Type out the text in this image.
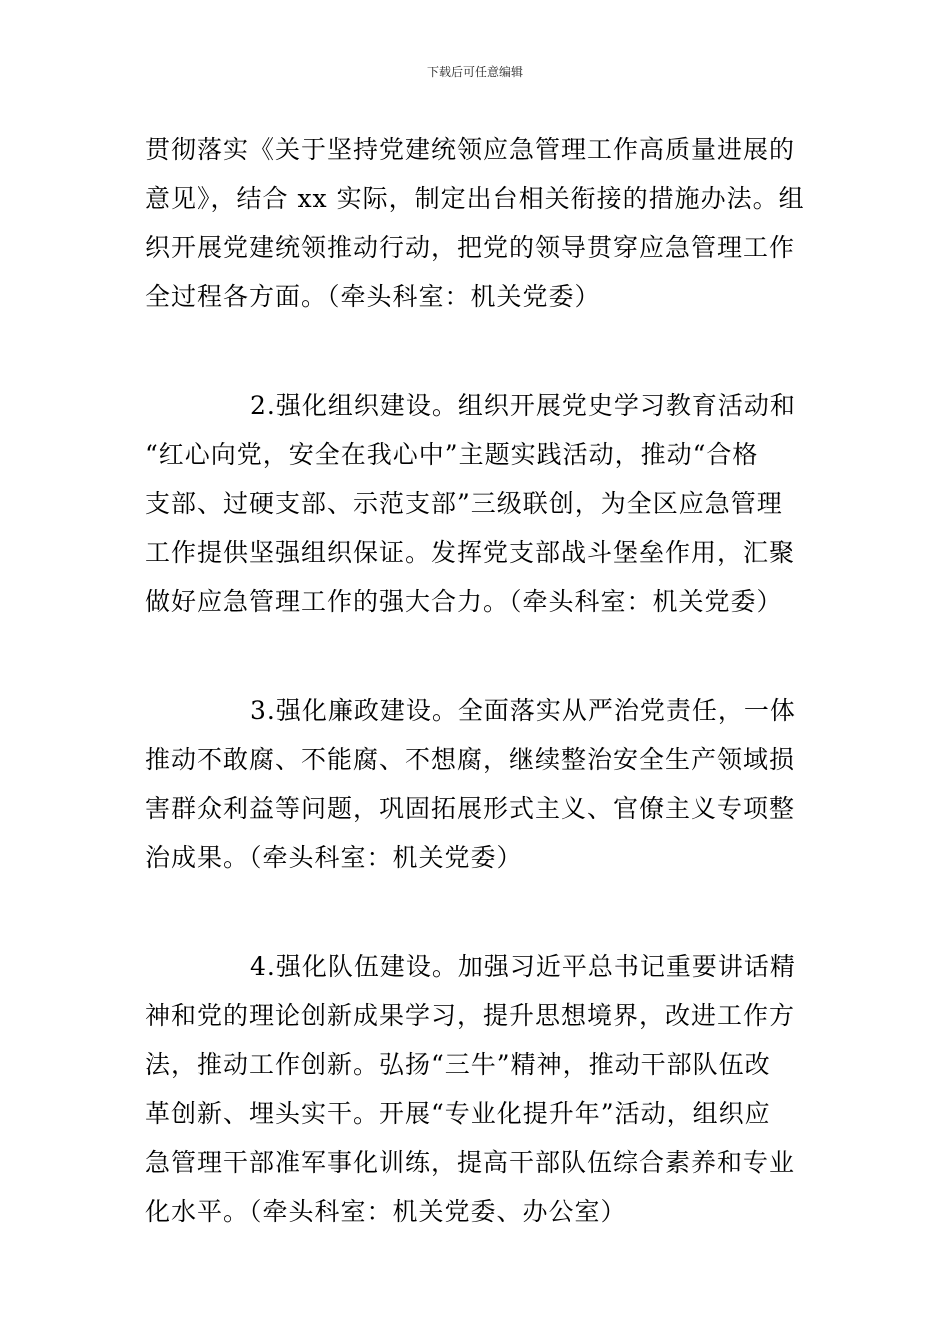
下载后可任意编辑
贯彻落实《关于坚持党建统领应急管理工作高质量进展的
意见》，结合 xx 实际，制定出台相关衔接的措施办法。组
织开展党建统领推动行动，把党的领导贯穿应急管理工作
全过程各方面。（牵头科室：机关党委）
2.强化组织建设。组织开展党史学习教育活动和
“红心向党，安全在我心中”主题实践活动，推动“合格
支部、过硬支部、示范支部”三级联创，为全区应急管理
工作提供坚强组织保证。发挥党支部战斗堡垒作用，汇聚
做好应急管理工作的强大合力。（牵头科室：机关党委）
3.强化廉政建设。全面落实从严治党责任，一体
推动不敢腐、不能腐、不想腐，继续整治安全生产领域损
害群众利益等问题，巩固拓展形式主义、官僚主义专项整
治成果。（牵头科室：机关党委）
4.强化队伍建设。加强习近平总书记重要讲话精
神和党的理论创新成果学习，提升思想境界，改进工作方
法，推动工作创新。弘扬“三牛”精神，推动干部队伍改
革创新、埋头实干。开展“专业化提升年”活动，组织应
急管理干部准军事化训练，提高干部队伍综合素养和专业
化水平。（牵头科室：机关党委、办公室）
